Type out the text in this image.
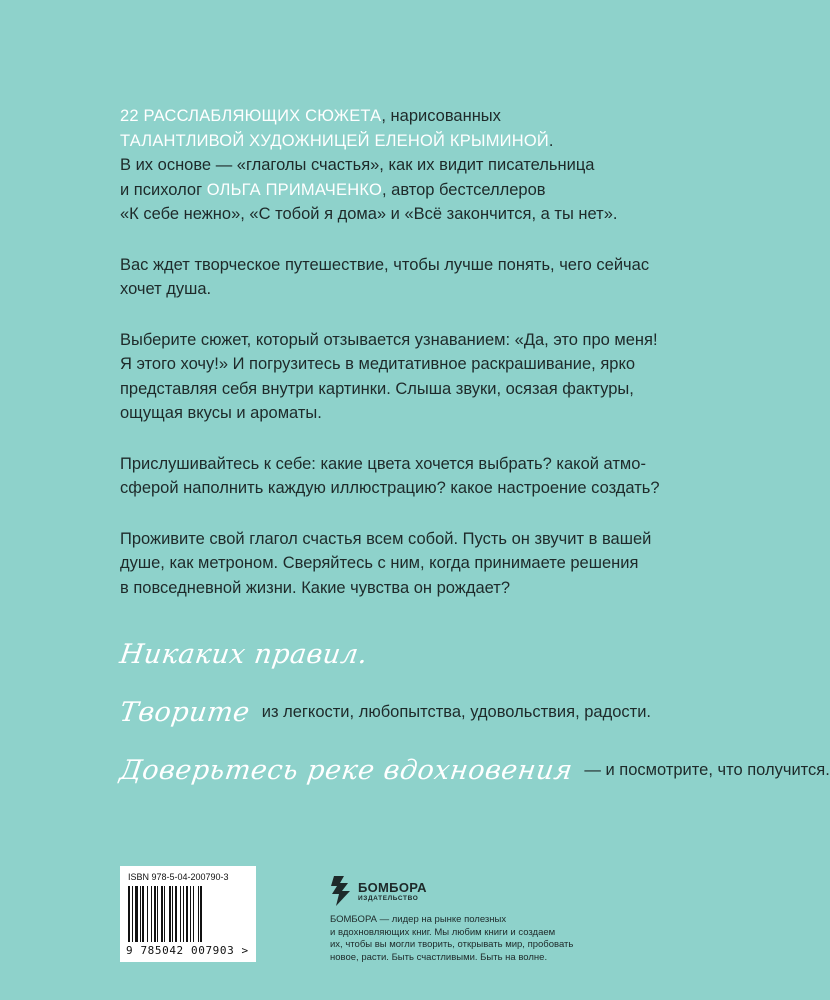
22 РАССЛАБЛЯЮЩИХ СЮЖЕТА, нарисованных
ТАЛАНТЛИВОЙ ХУДОЖНИЦЕЙ ЕЛЕНОЙ КРЫМИНОЙ.
В их основе — «глаголы счастья», как их видит писательница
и психолог ОЛЬГА ПРИМАЧЕНКО, автор бестселлеров
«К себе нежно», «С тобой я дома» и «Всё закончится, а ты нет».

Вас ждет творческое путешествие, чтобы лучше понять, чего сейчас
хочет душа.

Выберите сюжет, который отзывается узнаванием: «Да, это про меня!
Я этого хочу!» И погрузитесь в медитативное раскрашивание, ярко
представляя себя внутри картинки. Слыша звуки, осязая фактуры,
ощущая вкусы и ароматы.

Прислушивайтесь к себе: какие цвета хочется выбрать? какой атмо-
сферой наполнить каждую иллюстрацию? какое настроение создать?

Проживите свой глагол счастья всем собой. Пусть он звучит в вашей
душе, как метроном. Сверяйтесь с ним, когда принимаете решения
в повседневной жизни. Какие чувства он рождает?

Никаких правил.
Творите из легкости, любопытства, удовольствия, радости.
Доверьтесь реке вдохновения — и посмотрите, что получится.
ISBN 978-5-04-200790-3
9 785042 007903 >
БОМБОРА
ИЗДАТЕЛЬСТВО
БОМБОРА — лидер на рынке полезных
и вдохновляющих книг. Мы любим книги и создаем
их, чтобы вы могли творить, открывать мир, пробовать
новое, расти. Быть счастливыми. Быть на волне.
